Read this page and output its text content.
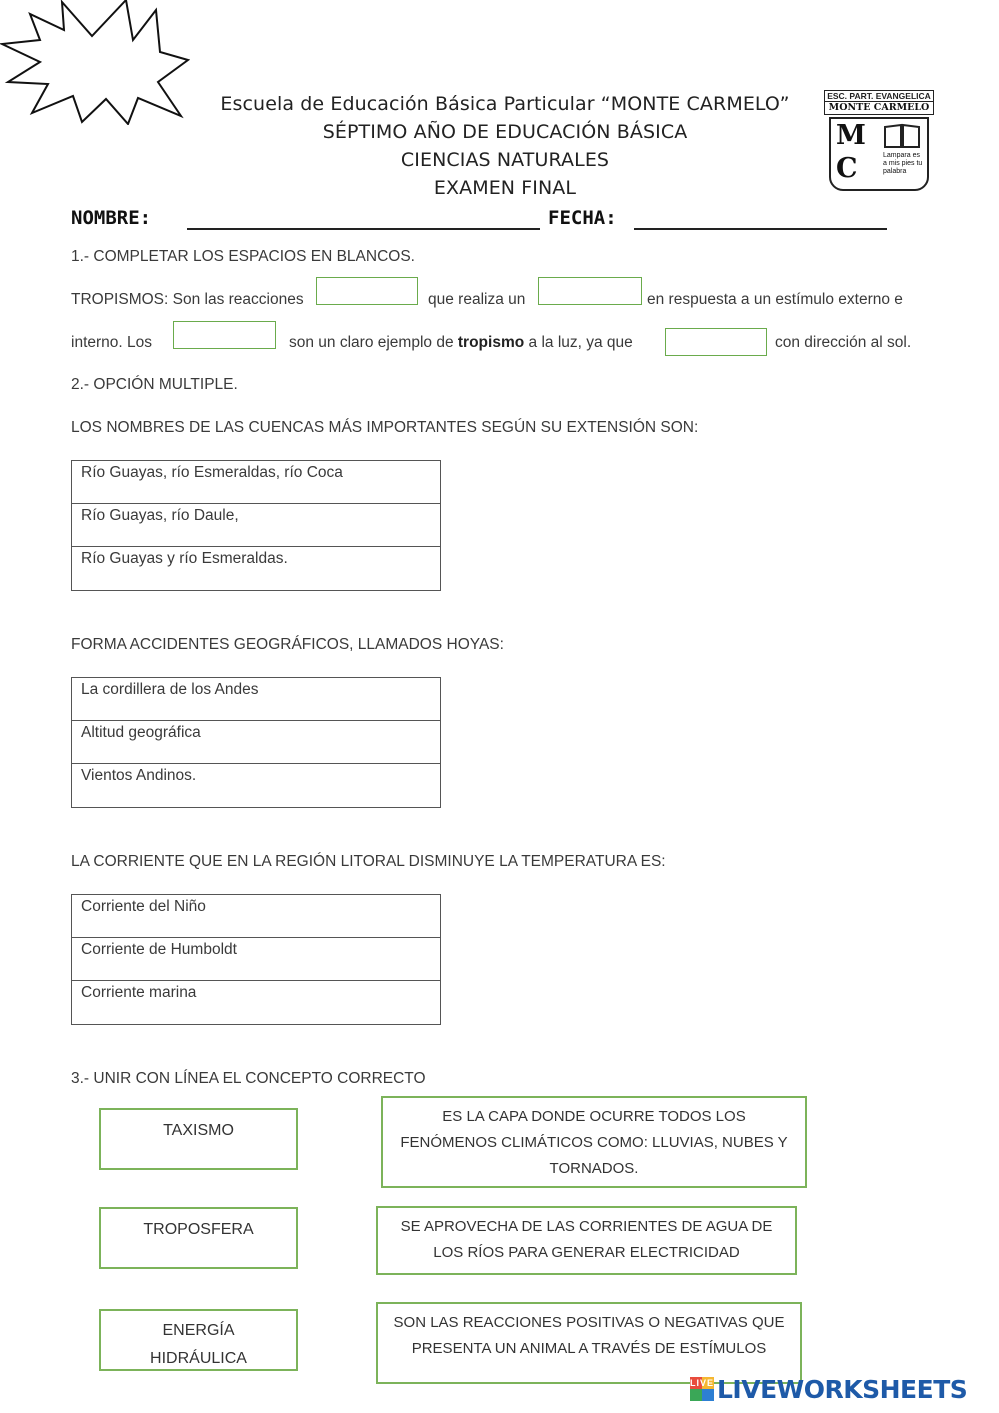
Escuela de Educación Básica Particular “MONTE CARMELO”
SÉPTIMO AÑO DE EDUCACIÓN BÁSICA
CIENCIAS NATURALES
EXAMEN FINAL
ESC. PART. EVANGELICA
MONTE CARMELO
MC	Lampara es a mis pies tu palabra
NOMBRE:	FECHA:
1.- COMPLETAR LOS ESPACIOS EN BLANCOS.
TROPISMOS: Son las reacciones	que realiza un	en respuesta a un estímulo externo e
interno. Los	son un claro ejemplo de tropismo a la luz, ya que	con dirección al sol.
2.- OPCIÓN MULTIPLE.
LOS NOMBRES DE LAS CUENCAS MÁS IMPORTANTES SEGÚN SU EXTENSIÓN SON:
Río Guayas, río Esmeraldas, río Coca
Río Guayas, río Daule,
Río Guayas y río Esmeraldas.
FORMA ACCIDENTES GEOGRÁFICOS, LLAMADOS HOYAS:
La cordillera de los Andes
Altitud geográfica
Vientos Andinos.
LA CORRIENTE QUE EN LA REGIÓN LITORAL DISMINUYE LA TEMPERATURA ES:
Corriente del Niño
Corriente de Humboldt
Corriente marina
3.- UNIR CON LÍNEA EL CONCEPTO CORRECTO
TAXISMO
TROPOSFERA
ENERGÍA HIDRÁULICA
ES LA CAPA DONDE OCURRE TODOS LOS FENÓMENOS CLIMÁTICOS COMO: LLUVIAS, NUBES Y TORNADOS.
SE APROVECHA DE LAS CORRIENTES DE AGUA DE LOS RÍOS PARA GENERAR ELECTRICIDAD
SON LAS REACCIONES POSITIVAS O NEGATIVAS QUE PRESENTA UN ANIMAL A TRAVÉS DE ESTÍMULOS
LIVE LIVEWORKSHEETS
